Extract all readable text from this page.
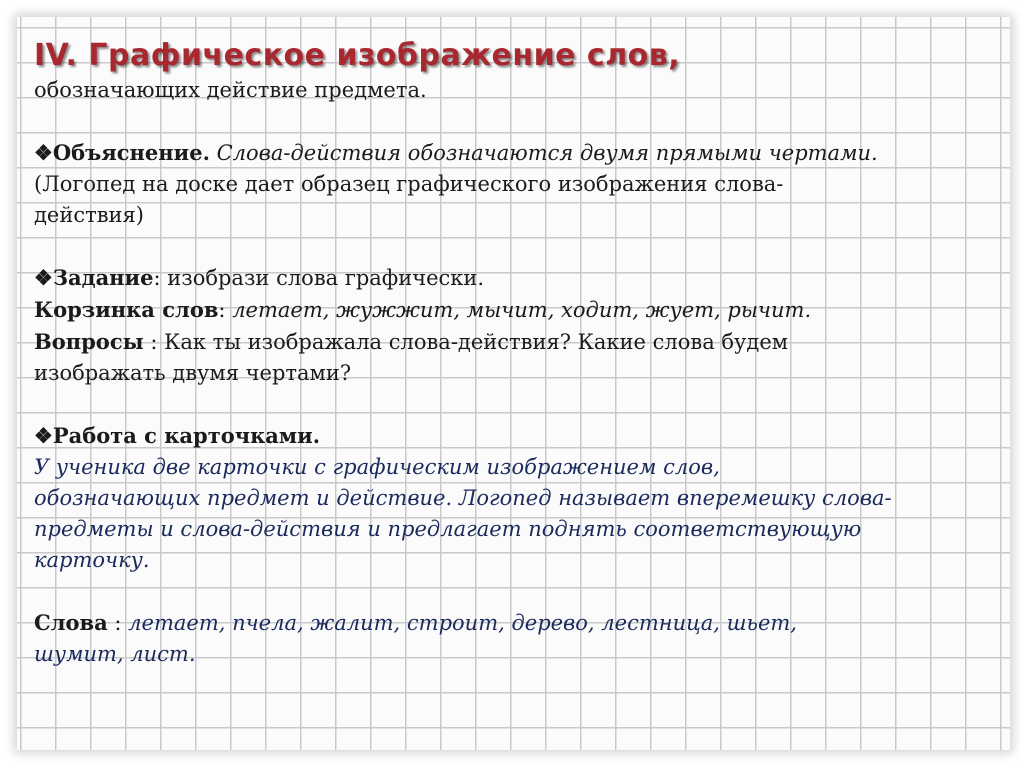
IV. Графическое изображение слов,
обозначающих действие предмета.
❖Объяснение. Слова-действия обозначаются двумя прямыми чертами.
(Логопед на доске дает образец графического изображения слова-
действия)
❖Задание: изобрази слова графически.
Корзинка слов: летает, жужжит, мычит, ходит, жует, рычит.
Вопросы : Как ты изображала слова-действия? Какие слова будем
изображать двумя чертами?
❖Работа с карточками.
У ученика две карточки с графическим изображением слов,
обозначающих предмет и действие. Логопед называет вперемешку слова-
предметы и слова-действия и предлагает поднять соответствующую
карточку.
Слова : летает, пчела, жалит, строит, дерево, лестница, шьет,
шумит, лист.
